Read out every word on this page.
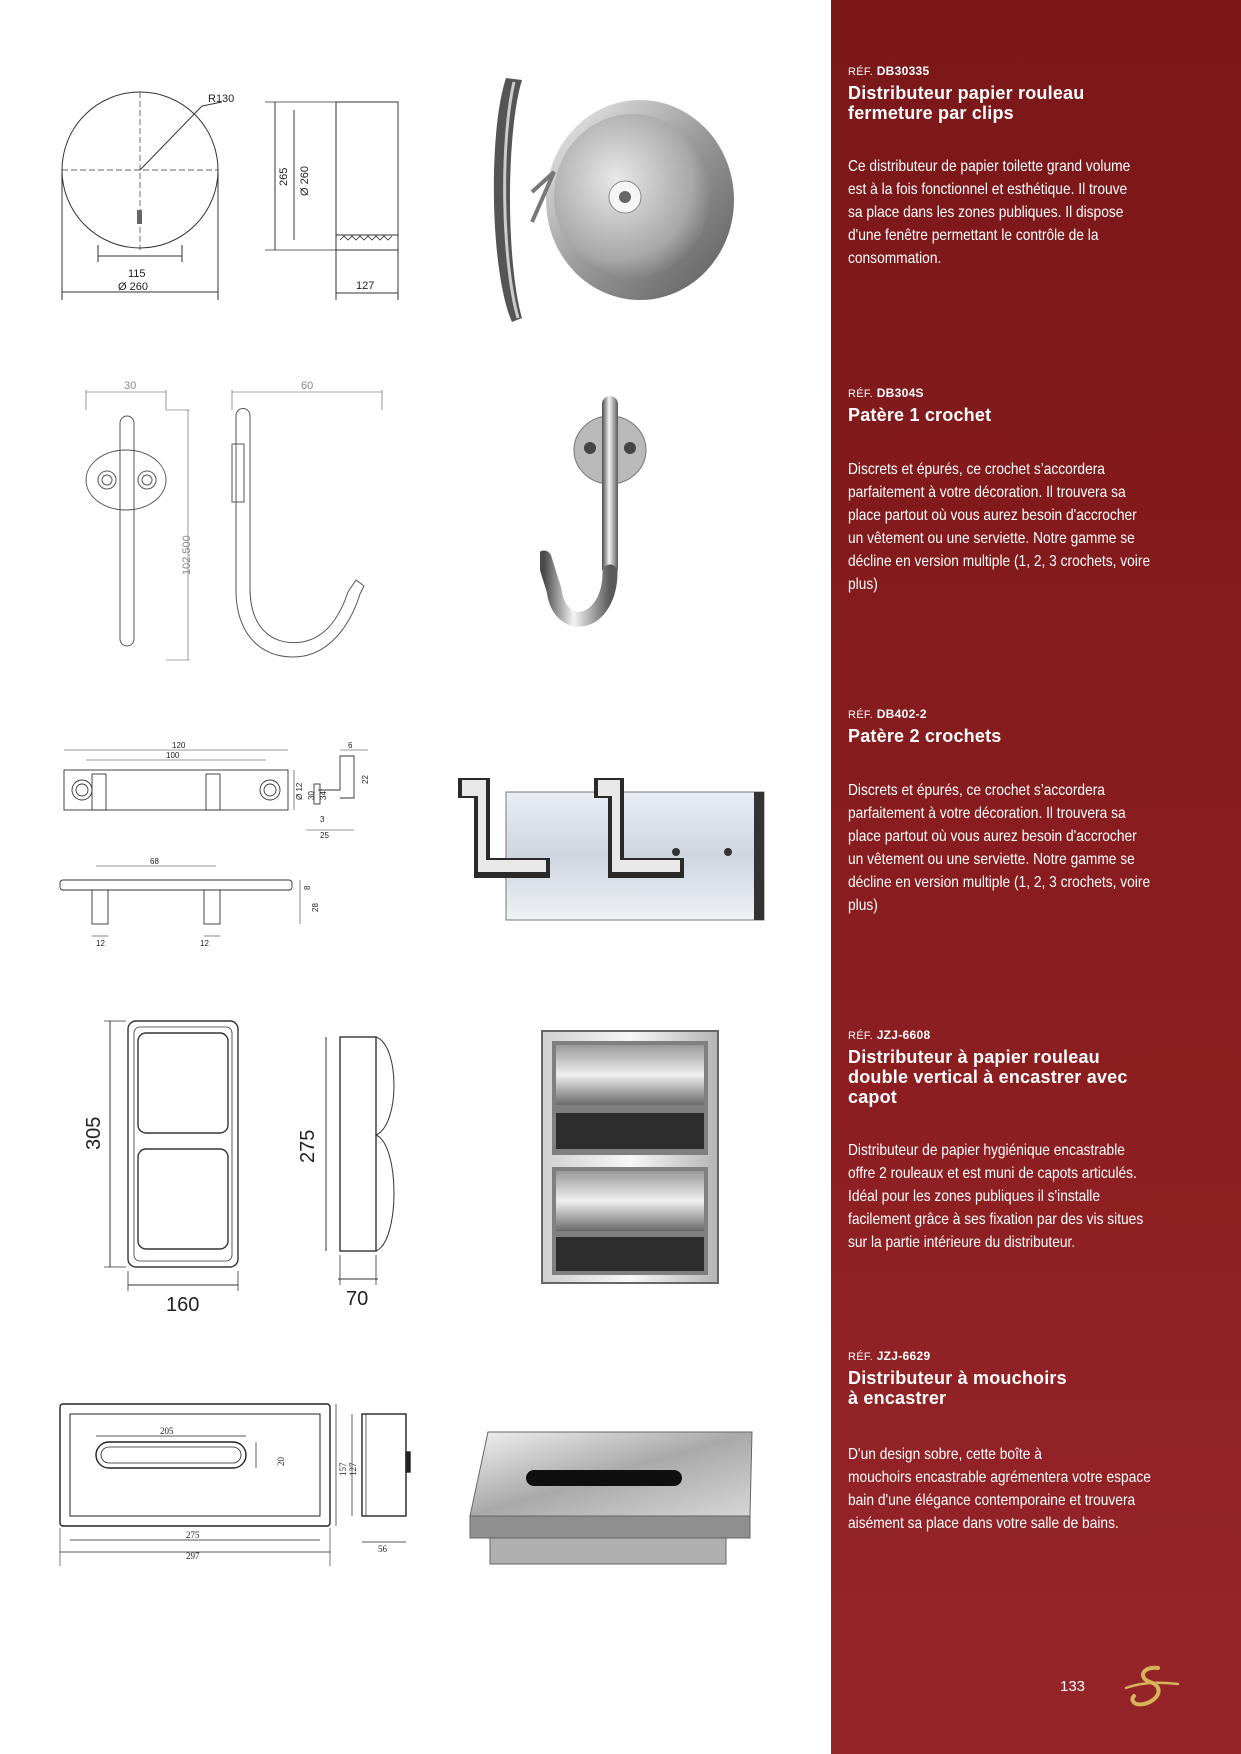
RÉF. DB30335

Distributeur papier rouleau
fermeture par clips

Ce distributeur de papier toilette grand volume
est à la fois fonctionnel et esthétique. Il trouve
sa place dans les zones publiques. Il dispose
d'une fenêtre permettant le contrôle de la
consommation.

RÉF. DB304S

Patère 1 crochet

Discrets et épurés, ce crochet s’accordera
parfaitement à votre décoration. Il trouvera sa
place partout où vous aurez besoin d'accrocher
un vêtement ou une serviette. Notre gamme se
décline en version multiple (1, 2, 3 crochets, voire
plus)

RÉF. DB402-2

Patère 2 crochets

Discrets et épurés, ce crochet s’accordera
parfaitement à votre décoration. Il trouvera sa
place partout où vous aurez besoin d'accrocher
un vêtement ou une serviette. Notre gamme se
décline en version multiple (1, 2, 3 crochets, voire
plus)

RÉF. JZJ-6608

Distributeur à papier rouleau
double vertical à encastrer avec
capot

Distributeur de papier hygiénique encastrable
offre 2 rouleaux et est muni de capots articulés.
Idéal pour les zones publiques il s'installe
facilement grâce à ses fixation par des vis situes
sur la partie intérieure du distributeur.

RÉF. JZJ-6629

Distributeur à mouchoirs
à encastrer

D'un design sobre, cette boîte à
mouchoirs encastrable agrémentera votre espace
bain d'une élégance contemporaine et trouvera
aisément sa place dans votre salle de bains.
R130
115
Ø 260
265 Ø 260
127
30
102.500
60
120
100
Ø 12 30 34
6
22
3
25
68
8
28
12	12
305
160
275
70
205
20
157
275
297
127
56
133
